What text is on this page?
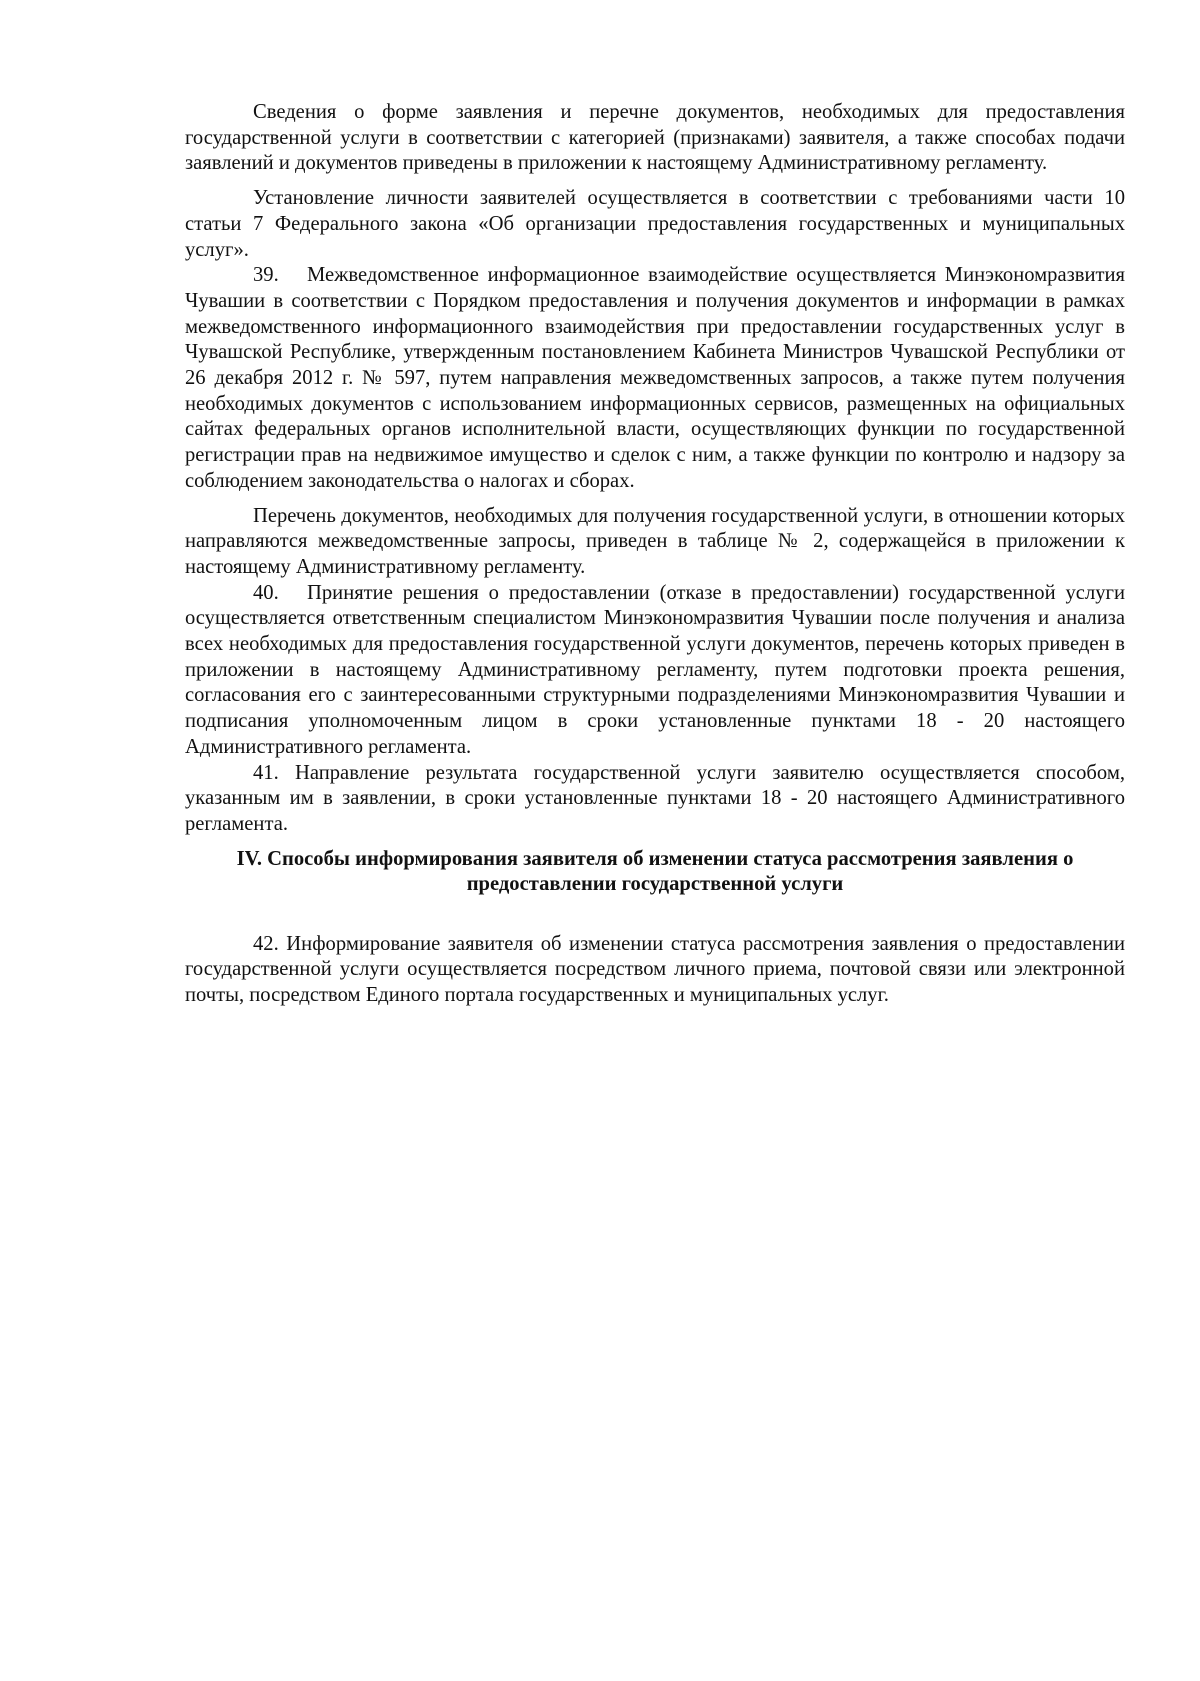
Сведения о форме заявления и перечне документов, необходимых для предоставления государственной услуги в соответствии с категорией (признаками) заявителя, а также способах подачи заявлений и документов приведены в приложении к настоящему Административному регламенту.

Установление личности заявителей осуществляется в соответствии с требованиями части 10 статьи 7 Федерального закона «Об организации предоставления государственных и муниципальных услуг».

39. Межведомственное информационное взаимодействие осуществляется Минэкономразвития Чувашии в соответствии с Порядком предоставления и получения документов и информации в рамках межведомственного информационного взаимодействия при предоставлении государственных услуг в Чувашской Республике, утвержденным постановлением Кабинета Министров Чувашской Республики от 26 декабря 2012 г. № 597, путем направления межведомственных запросов, а также путем получения необходимых документов с использованием информационных сервисов, размещенных на официальных сайтах федеральных органов исполнительной власти, осуществляющих функции по государственной регистрации прав на недвижимое имущество и сделок с ним, а также функции по контролю и надзору за соблюдением законодательства о налогах и сборах.

Перечень документов, необходимых для получения государственной услуги, в отношении которых направляются межведомственные запросы, приведен в таблице № 2, содержащейся в приложении к настоящему Административному регламенту.

40. Принятие решения о предоставлении (отказе в предоставлении) государственной услуги осуществляется ответственным специалистом Минэкономразвития Чувашии после получения и анализа всех необходимых для предоставления государственной услуги документов, перечень которых приведен в приложении в настоящему Административному регламенту, путем подготовки проекта решения, согласования его с заинтересованными структурными подразделениями Минэкономразвития Чувашии и подписания уполномоченным лицом в сроки установленные пунктами 18 - 20 настоящего Административного регламента.

41. Направление результата государственной услуги заявителю осуществляется способом, указанным им в заявлении, в сроки установленные пунктами 18 - 20 настоящего Административного регламента.

IV. Способы информирования заявителя об изменении статуса рассмотрения заявления о предоставлении государственной услуги

42. Информирование заявителя об изменении статуса рассмотрения заявления о предоставлении государственной услуги осуществляется посредством личного приема, почтовой связи или электронной почты, посредством Единого портала государственных и муниципальных услуг.
